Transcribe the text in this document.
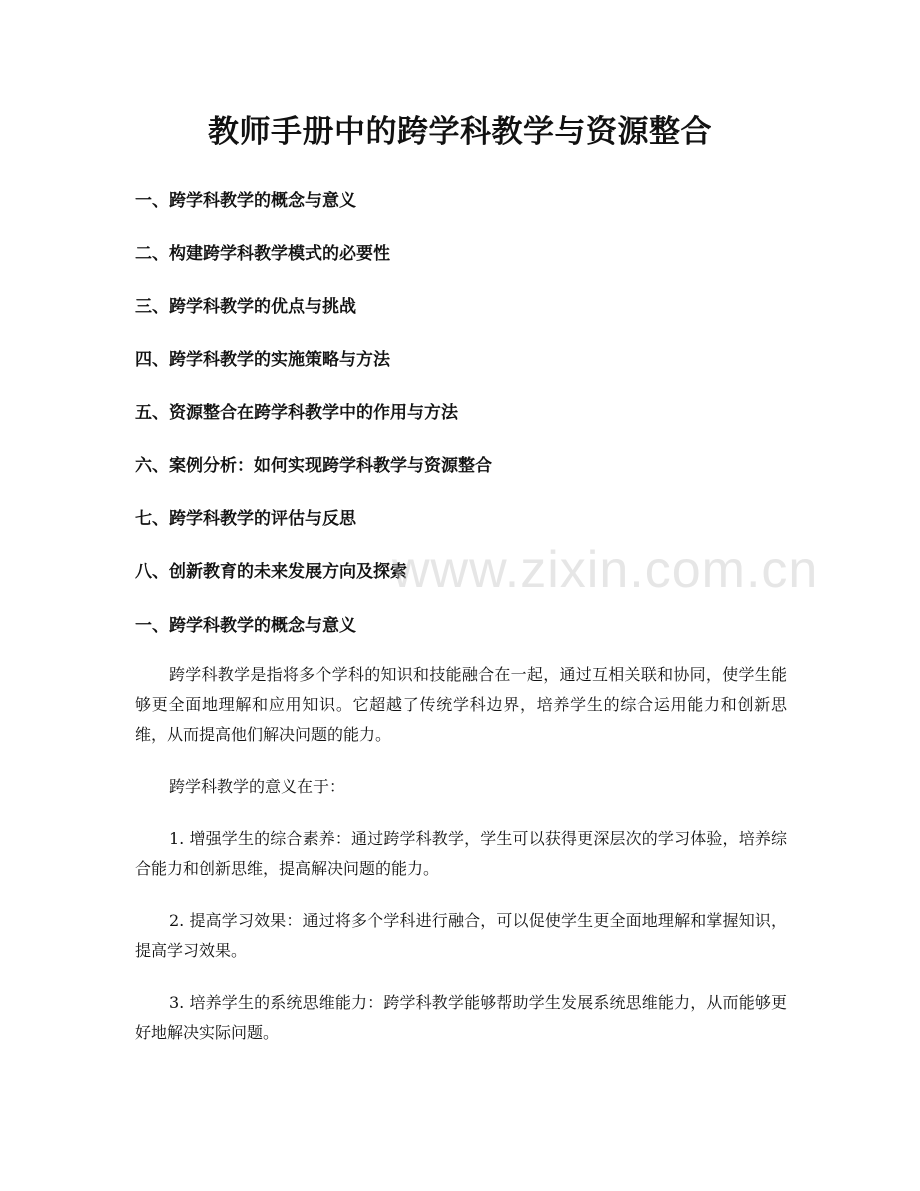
教师手册中的跨学科教学与资源整合
一、跨学科教学的概念与意义
二、构建跨学科教学模式的必要性
三、跨学科教学的优点与挑战
四、跨学科教学的实施策略与方法
五、资源整合在跨学科教学中的作用与方法
六、案例分析：如何实现跨学科教学与资源整合
七、跨学科教学的评估与反思
八、创新教育的未来发展方向及探索
一、跨学科教学的概念与意义

跨学科教学是指将多个学科的知识和技能融合在一起，通过互相关联和协同，使学生能够更全面地理解和应用知识。它超越了传统学科边界，培养学生的综合运用能力和创新思维，从而提高他们解决问题的能力。

跨学科教学的意义在于：

1. 增强学生的综合素养：通过跨学科教学，学生可以获得更深层次的学习体验，培养综合能力和创新思维，提高解决问题的能力。

2. 提高学习效果：通过将多个学科进行融合，可以促使学生更全面地理解和掌握知识，提高学习效果。

3. 培养学生的系统思维能力：跨学科教学能够帮助学生发展系统思维能力，从而能够更好地解决实际问题。

www.zixin.com.cn
